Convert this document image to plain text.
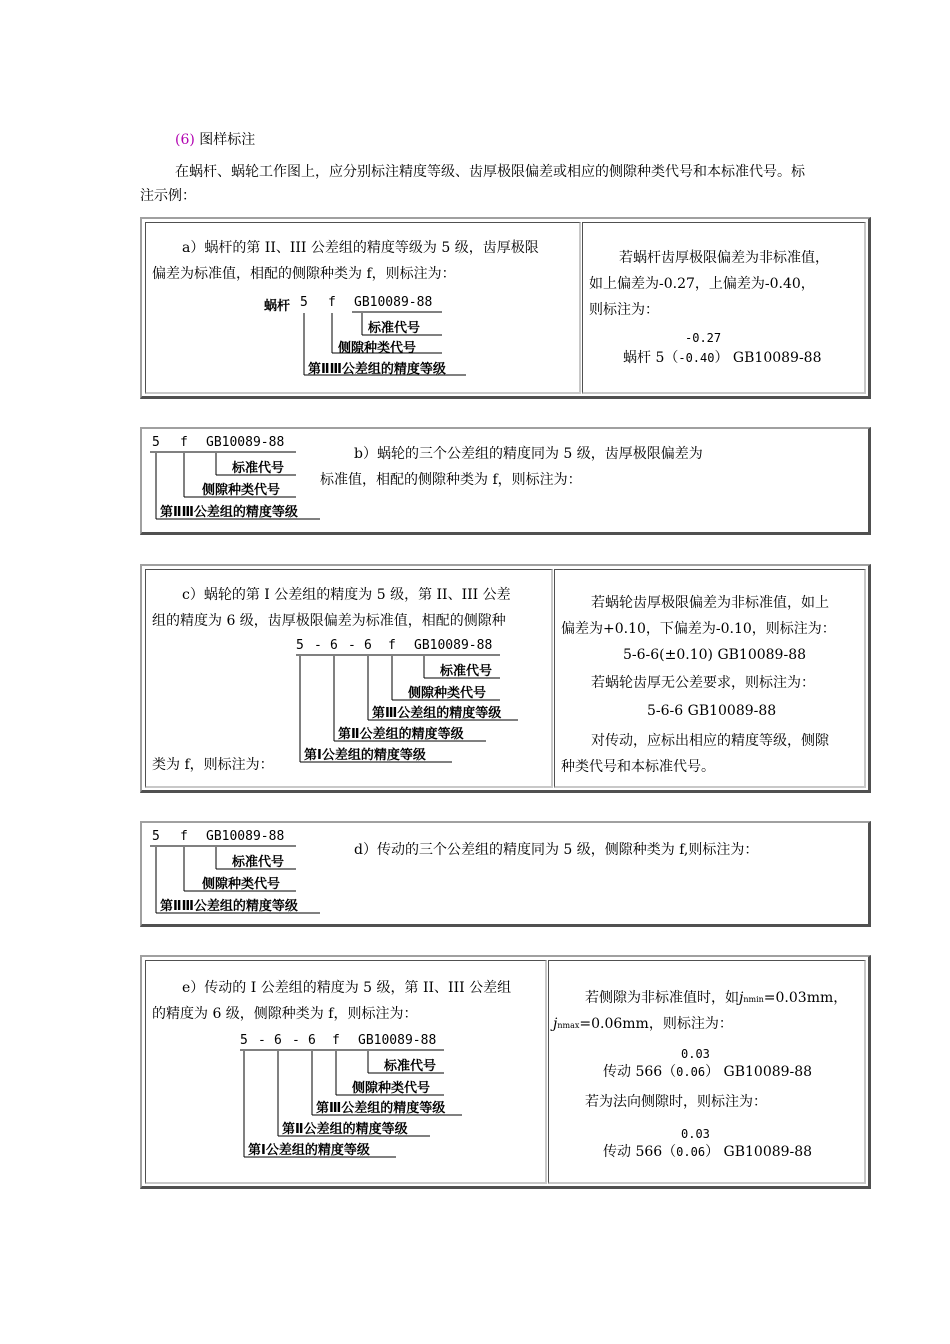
(6) 图样标注
在蜗杆、蜗轮工作图上，应分别标注精度等级、齿厚极限偏差或相应的侧隙种类代号和本标准代号。标
注示例：
a）蜗杆的第 II、III 公差组的精度等级为 5 级，齿厚极限
偏差为标准值，相配的侧隙种类为 f，则标注为：
蜗杆 5 f GB10089-88
标准代号
侧隙种类代号
第ⅡⅢ公差组的精度等级
若蜗杆齿厚极限偏差为非标准值，
如上偏差为-0.27，上偏差为-0.40，
则标注为：
-0.27
蜗杆 5（-0.40） GB10089-88
5 f GB10089-88
标准代号
侧隙种类代号
第ⅡⅢ公差组的精度等级
b）蜗轮的三个公差组的精度同为 5 级，齿厚极限偏差为
标准值，相配的侧隙种类为 f，则标注为：
c）蜗轮的第 I 公差组的精度为 5 级，第 II、III 公差
组的精度为 6 级，齿厚极限偏差为标准值，相配的侧隙种
类为 f，则标注为：
5 - 6 - 6 f GB10089-88
标准代号
侧隙种类代号
第Ⅲ公差组的精度等级
第Ⅱ公差组的精度等级
第Ⅰ公差组的精度等级
若蜗轮齿厚极限偏差为非标准值，如上
偏差为+0.10，下偏差为-0.10，则标注为：
5-6-6(±0.10) GB10089-88
若蜗轮齿厚无公差要求，则标注为：
5-6-6 GB10089-88
对传动，应标出相应的精度等级，侧隙
种类代号和本标准代号。
5 f GB10089-88
标准代号
侧隙种类代号
第ⅡⅢ公差组的精度等级
d）传动的三个公差组的精度同为 5 级，侧隙种类为 f,则标注为：
e）传动的 I 公差组的精度为 5 级，第 II、III 公差组
的精度为 6 级，侧隙种类为 f，则标注为：
5 - 6 - 6 f GB10089-88
标准代号
侧隙种类代号
第Ⅲ公差组的精度等级
第Ⅱ公差组的精度等级
第Ⅰ公差组的精度等级
若侧隙为非标准值时，如jnmin=0.03mm，
jnmax=0.06mm，则标注为：
0.03
传动 566（0.06） GB10089-88
若为法向侧隙时，则标注为：
0.03
传动 566（0.06） GB10089-88
